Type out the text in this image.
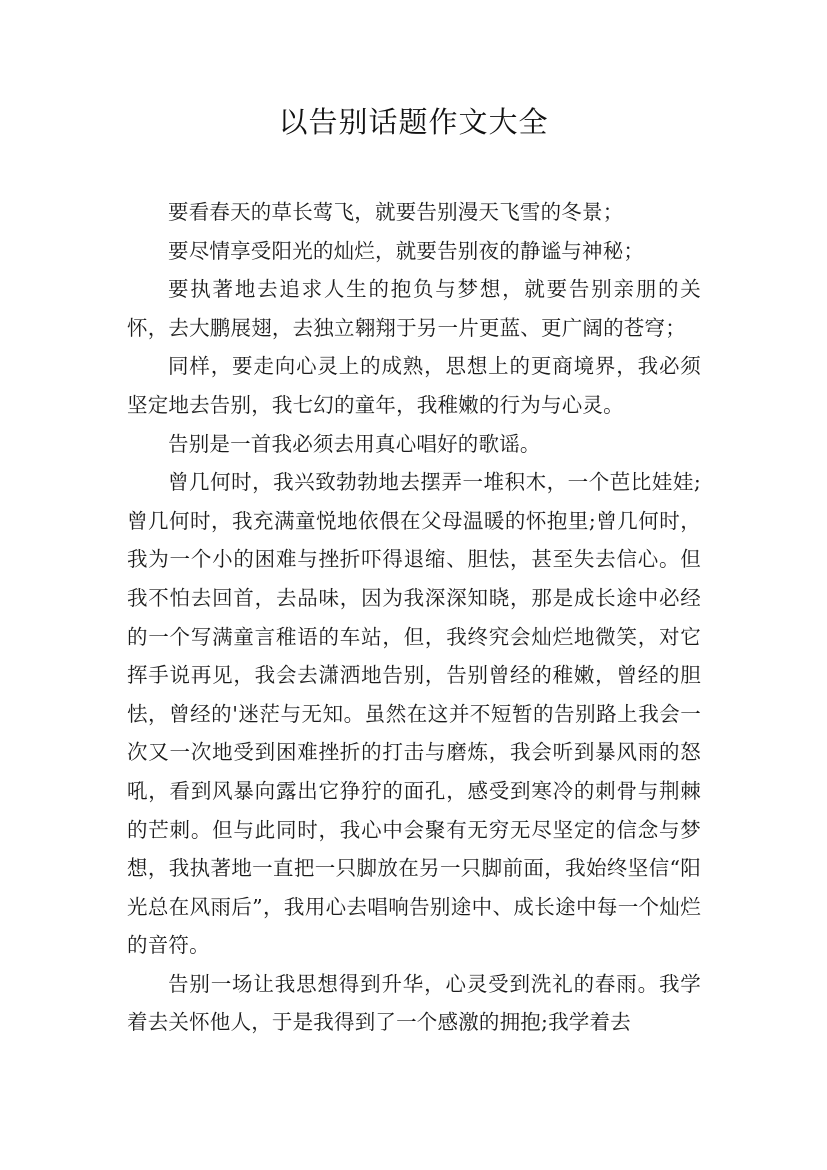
以告别话题作文大全

要看春天的草长莺飞，就要告别漫天飞雪的冬景；

要尽情享受阳光的灿烂，就要告别夜的静谧与神秘；

要执著地去追求人生的抱负与梦想，就要告别亲朋的关怀，去大鹏展翅，去独立翱翔于另一片更蓝、更广阔的苍穹；

同样，要走向心灵上的成熟，思想上的更商境界，我必须坚定地去告别，我七幻的童年，我稚嫩的行为与心灵。

告别是一首我必须去用真心唱好的歌谣。

曾几何时，我兴致勃勃地去摆弄一堆积木，一个芭比娃娃;曾几何时，我充满童悦地依偎在父母温暖的怀抱里;曾几何时，我为一个小的困难与挫折吓得退缩、胆怯，甚至失去信心。但我不怕去回首，去品味，因为我深深知晓，那是成长途中必经的一个写满童言稚语的车站，但，我终究会灿烂地微笑，对它挥手说再见，我会去潇洒地告别，告别曾经的稚嫩，曾经的胆怯，曾经的'迷茫与无知。虽然在这并不短暂的告别路上我会一次又一次地受到困难挫折的打击与磨炼，我会听到暴风雨的怒吼，看到风暴向露出它狰狞的面孔，感受到寒冷的刺骨与荆棘的芒刺。但与此同时，我心中会聚有无穷无尽坚定的信念与梦想，我执著地一直把一只脚放在另一只脚前面，我始终坚信“阳光总在风雨后”，我用心去唱响告别途中、成长途中每一个灿烂的音符。

告别一场让我思想得到升华，心灵受到洗礼的春雨。我学着去关怀他人，于是我得到了一个感激的拥抱;我学着去
